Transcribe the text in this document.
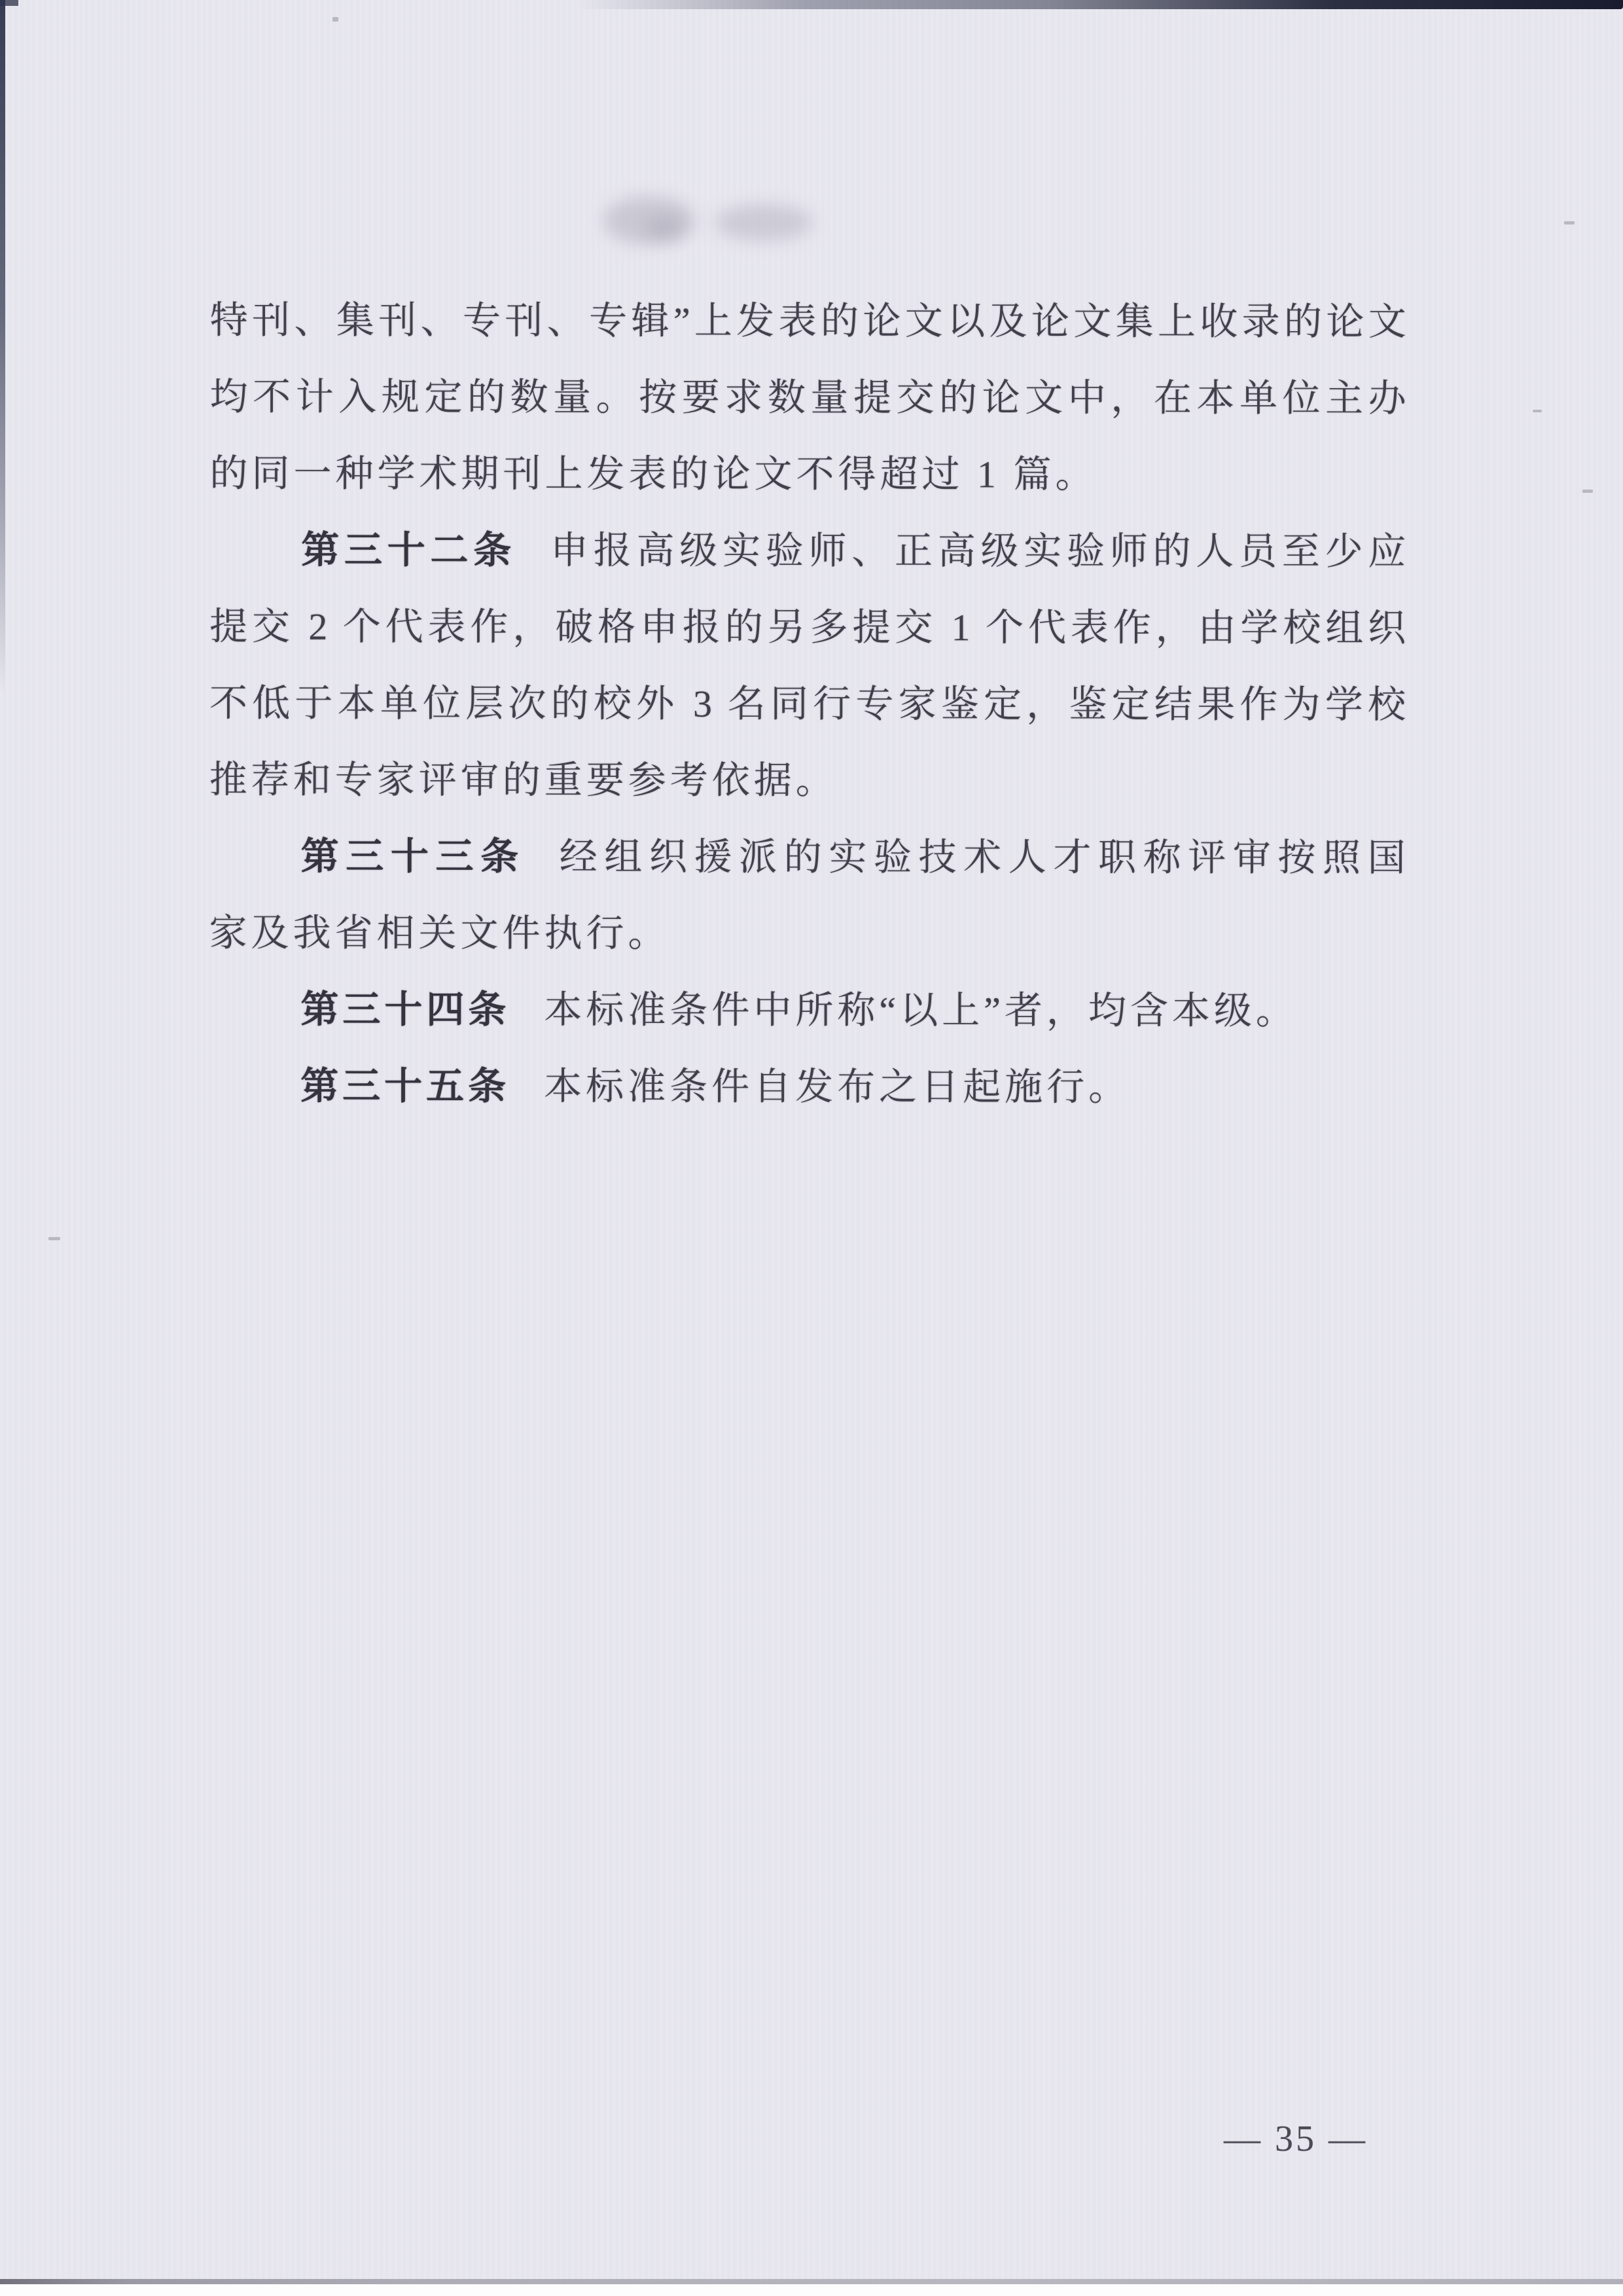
特刊、集刊、专刊、专辑”上发表的论文以及论文集上收录的论文
均不计入规定的数量。按要求数量提交的论文中，在本单位主办
的同一种学术期刊上发表的论文不得超过 1 篇。
第三十二条 申报高级实验师、正高级实验师的人员至少应
提交 2 个代表作，破格申报的另多提交 1 个代表作，由学校组织
不低于本单位层次的校外 3 名同行专家鉴定，鉴定结果作为学校
推荐和专家评审的重要参考依据。
第三十三条 经组织援派的实验技术人才职称评审按照国
家及我省相关文件执行。
第三十四条 本标准条件中所称“以上”者，均含本级。
第三十五条 本标准条件自发布之日起施行。
— 35 —
